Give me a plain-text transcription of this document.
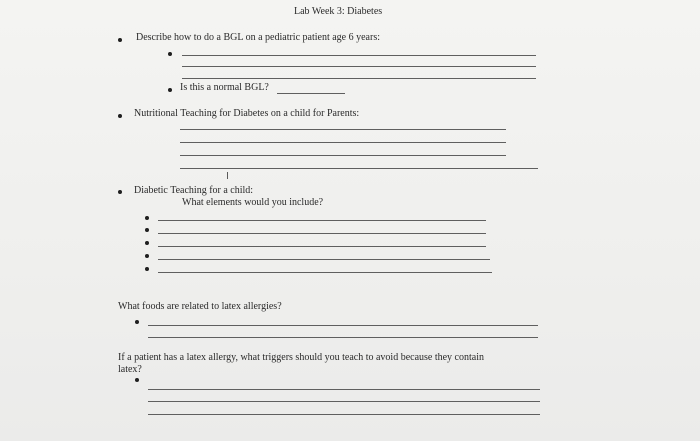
Lab Week 3: Diabetes
Describe how to do a BGL on a pediatric patient age 6 years:
Is this a normal BGL?
Nutritional Teaching for Diabetes on a child for Parents:
I
Diabetic Teaching for a child:
What elements would you include?
What foods are related to latex allergies?
If a patient has a latex allergy, what triggers should you teach to avoid because they contain
latex?
